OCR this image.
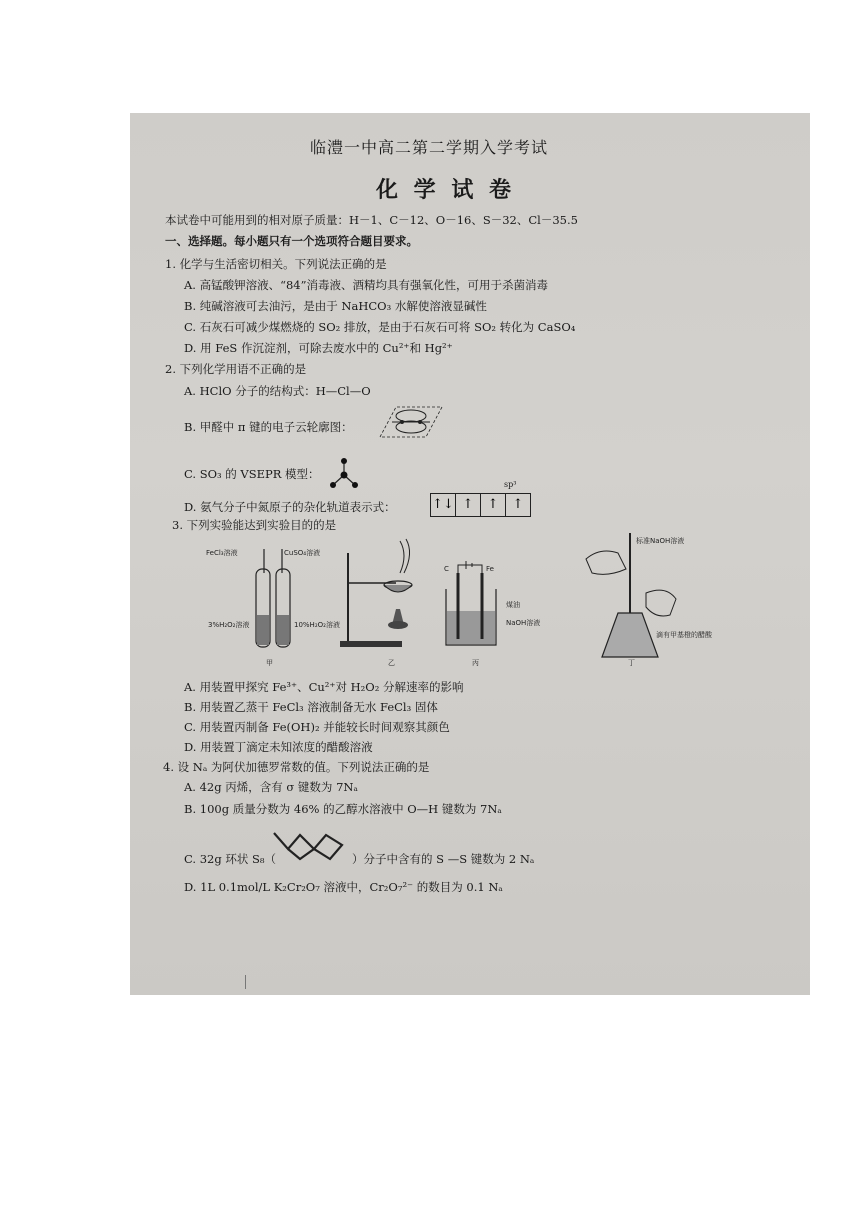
临澧一中高二第二学期入学考试
化 学 试 卷
本试卷中可能用到的相对原子质量：H－1、C－12、O－16、S－32、Cl－35.5
一、选择题。每小题只有一个选项符合题目要求。
1. 化学与生活密切相关。下列说法正确的是
A. 高锰酸钾溶液、“84”消毒液、酒精均具有强氧化性，可用于杀菌消毒
B. 纯碱溶液可去油污，是由于 NaHCO₃ 水解使溶液显碱性
C. 石灰石可减少煤燃烧的 SO₂ 排放，是由于石灰石可将 SO₂ 转化为 CaSO₄
D. 用 FeS 作沉淀剂，可除去废水中的 Cu²⁺和 Hg²⁺
2. 下列化学用语不正确的是
A. HClO 分子的结构式：H—Cl—O
B. 甲醛中 π 键的电子云轮廓图：
C. SO₃ 的 VSEPR 模型：
D. 氨气分子中氮原子的杂化轨道表示式：
sp³
↑↓ ↑	↑	↑
3. 下列实验能达到实验目的的是
FeCl₃溶液	CuSO₄溶液
3%H₂O₂溶液	10%H₂O₂溶液
甲	乙
C	Fe
煤油
NaOH溶液
丙
标准NaOH溶液
滴有甲基橙的醋酸
丁
A. 用装置甲探究 Fe³⁺、Cu²⁺对 H₂O₂ 分解速率的影响
B. 用装置乙蒸干 FeCl₃ 溶液制备无水 FeCl₃ 固体
C. 用装置丙制备 Fe(OH)₂ 并能较长时间观察其颜色
D. 用装置丁滴定未知浓度的醋酸溶液
4. 设 Nₐ 为阿伏加德罗常数的值。下列说法正确的是
A. 42g 丙烯，含有 σ 键数为 7Nₐ
B. 100g 质量分数为 46% 的乙醇水溶液中 O—H 键数为 7Nₐ
C. 32g 环状 S₈（	）分子中含有的 S —S 键数为 2 Nₐ
D. 1L 0.1mol/L K₂Cr₂O₇ 溶液中，Cr₂O₇²⁻ 的数目为 0.1 Nₐ
